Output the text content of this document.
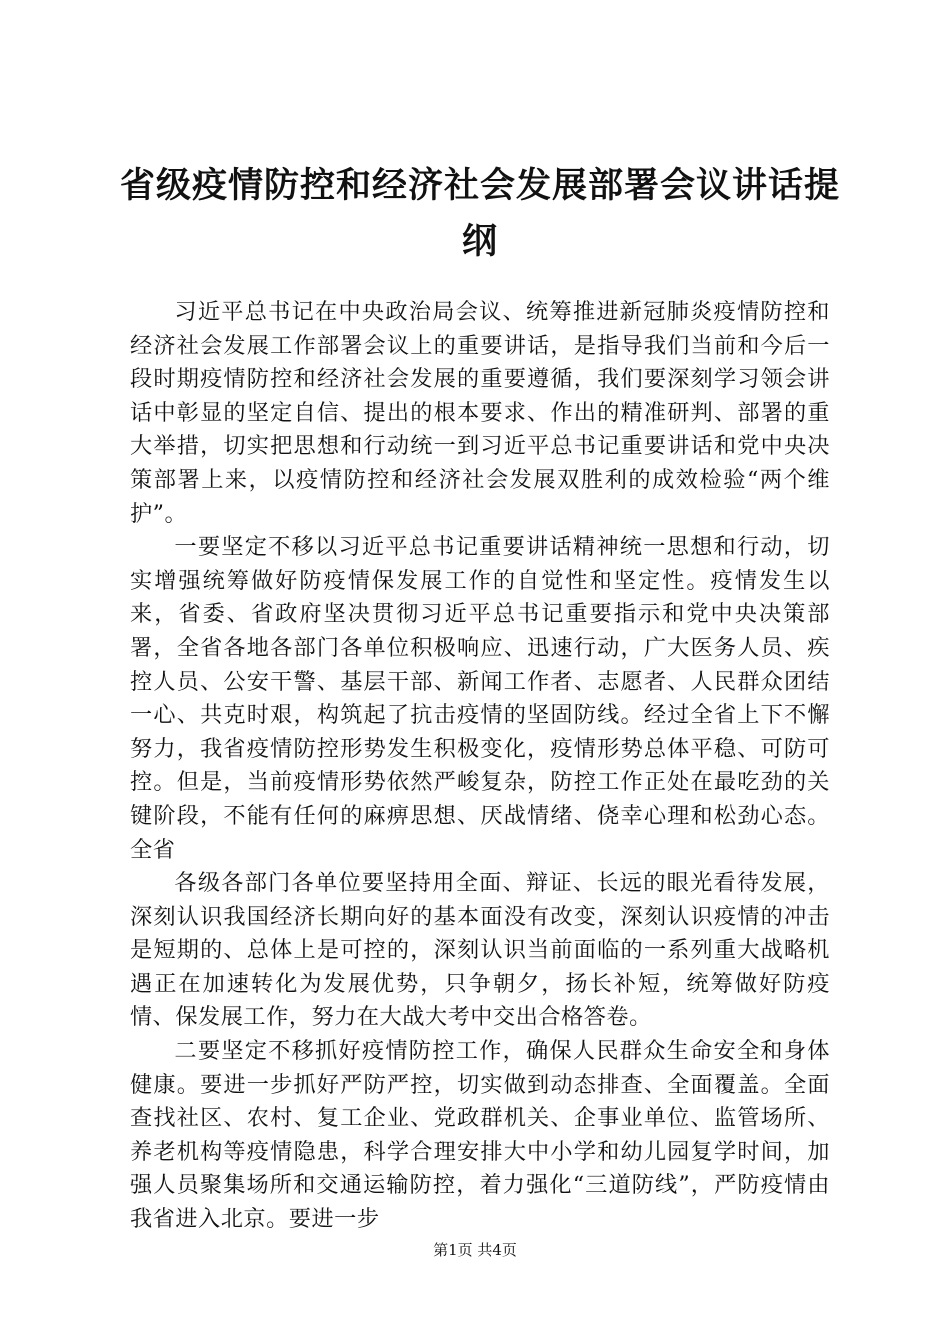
省级疫情防控和经济社会发展部署会议讲话提纲

习近平总书记在中央政治局会议、统筹推进新冠肺炎疫情防控和经济社会发展工作部署会议上的重要讲话，是指导我们当前和今后一段时期疫情防控和经济社会发展的重要遵循，我们要深刻学习领会讲话中彰显的坚定自信、提出的根本要求、作出的精准研判、部署的重大举措，切实把思想和行动统一到习近平总书记重要讲话和党中央决策部署上来，以疫情防控和经济社会发展双胜利的成效检验“两个维护”。

一要坚定不移以习近平总书记重要讲话精神统一思想和行动，切实增强统筹做好防疫情保发展工作的自觉性和坚定性。疫情发生以来，省委、省政府坚决贯彻习近平总书记重要指示和党中央决策部署，全省各地各部门各单位积极响应、迅速行动，广大医务人员、疾控人员、公安干警、基层干部、新闻工作者、志愿者、人民群众团结一心、共克时艰，构筑起了抗击疫情的坚固防线。经过全省上下不懈努力，我省疫情防控形势发生积极变化，疫情形势总体平稳、可防可控。但是，当前疫情形势依然严峻复杂，防控工作正处在最吃劲的关键阶段，不能有任何的麻痹思想、厌战情绪、侥幸心理和松劲心态。全省

各级各部门各单位要坚持用全面、辩证、长远的眼光看待发展，深刻认识我国经济长期向好的基本面没有改变，深刻认识疫情的冲击是短期的、总体上是可控的，深刻认识当前面临的一系列重大战略机遇正在加速转化为发展优势，只争朝夕，扬长补短，统筹做好防疫情、保发展工作，努力在大战大考中交出合格答卷。

二要坚定不移抓好疫情防控工作，确保人民群众生命安全和身体健康。要进一步抓好严防严控，切实做到动态排查、全面覆盖。全面查找社区、农村、复工企业、党政群机关、企事业单位、监管场所、养老机构等疫情隐患，科学合理安排大中小学和幼儿园复学时间，加强人员聚集场所和交通运输防控，着力强化“三道防线”，严防疫情由我省进入北京。要进一步

第1页 共4页
